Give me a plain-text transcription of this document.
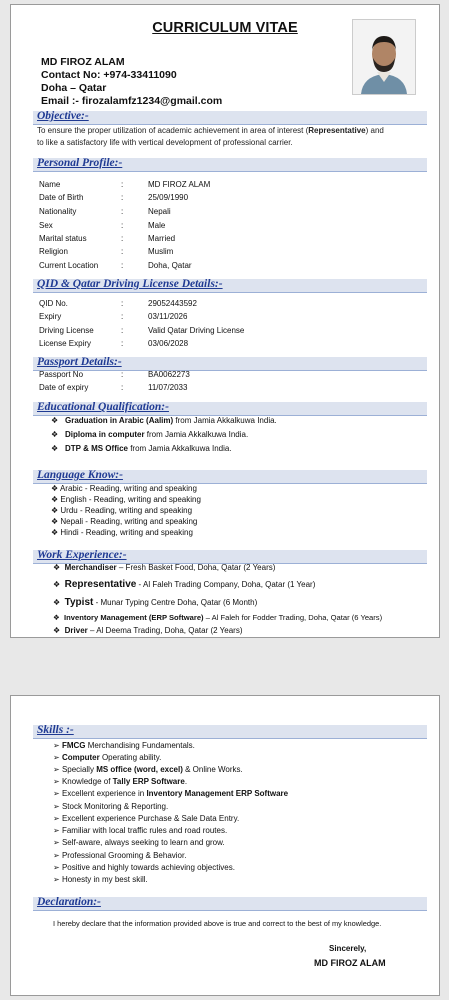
CURRICULUM VITAE
MD FIROZ ALAM
Contact No: +974-33411090
Doha – Qatar
Email :- firozalamfz1234@gmail.com
Objective:-
To ensure the proper utilization of academic achievement in area of interest (Representative) and
to like a satisfactory life with vertical development of professional carrier.
Personal Profile:-
Name	:	MD FIROZ ALAM
Date of Birth	:	25/09/1990
Nationality	:	Nepali
Sex	:	Male
Marital status	:	Married
Religion	:	Muslim
Current Location	:	Doha, Qatar
QID & Qatar Driving License Details:-
QID No.	:	29052443592
Expiry	:	03/11/2026
Driving License	:	Valid Qatar Driving License
License Expiry	:	03/06/2028
Passport Details:-
Passport No	:	BA0062273
Date of expiry	:	11/07/2033
Educational Qualification:-
❖ Graduation in Arabic (Aalim) from Jamia Akkalkuwa India.
❖ Diploma in computer from Jamia Akkalkuwa India.
❖ DTP & MS Office from Jamia Akkalkuwa India.
Language Know:-
❖ Arabic - Reading, writing and speaking
❖ English - Reading, writing and speaking
❖ Urdu - Reading, writing and speaking
❖ Nepali - Reading, writing and speaking
❖ Hindi - Reading, writing and speaking
Work Experience:-
❖ Merchandiser – Fresh Basket Food, Doha, Qatar (2 Years)
❖ Representative - Al Faleh Trading Company, Doha, Qatar (1 Year)
❖ Typist - Munar Typing Centre Doha, Qatar (6 Month)
❖ Inventory Management (ERP Software) – Al Faleh for Fodder Trading, Doha, Qatar (6 Years)
❖ Driver – Al Deema Trading, Doha, Qatar (2 Years)
Skills :-
➢ FMCG Merchandising Fundamentals.
➢ Computer Operating ability.
➢ Specially MS office (word, excel) & Online Works.
➢ Knowledge of Tally ERP Software.
➢ Excellent experience in Inventory Management ERP Software
➢ Stock Monitoring & Reporting.
➢ Excellent experience Purchase & Sale Data Entry.
➢ Familiar with local traffic rules and road routes.
➢ Self-aware, always seeking to learn and grow.
➢ Professional Grooming & Behavior.
➢ Positive and highly towards achieving objectives.
➢ Honesty in my best skill.
Declaration:-
I hereby declare that the information provided above is true and correct to the best of my knowledge.
Sincerely,
MD FIROZ ALAM
